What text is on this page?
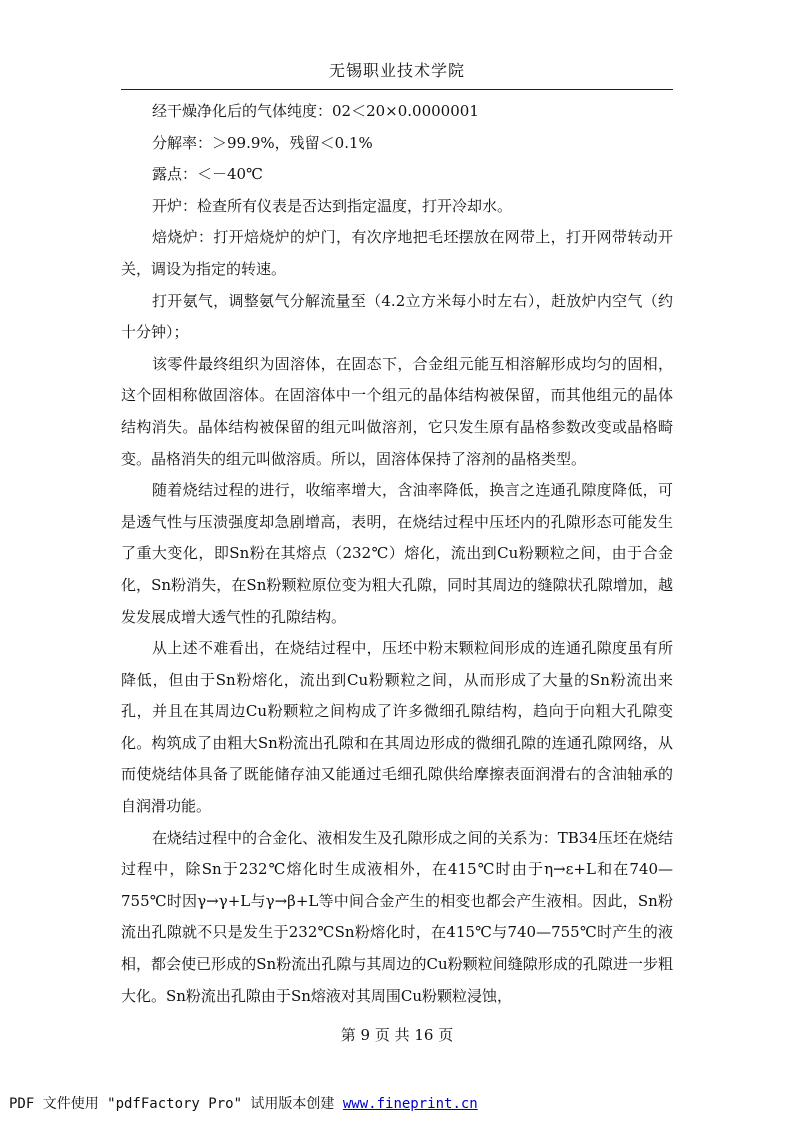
无锡职业技术学院

经干燥净化后的气体纯度：02＜20×0.0000001

分解率：＞99.9%，残留＜0.1%

露点：＜－40℃

开炉：检查所有仪表是否达到指定温度，打开冷却水。

焙烧炉：打开焙烧炉的炉门，有次序地把毛坯摆放在网带上，打开网带转动开关，调设为指定的转速。

打开氨气，调整氨气分解流量至（4.2立方米每小时左右），赶放炉内空气（约十分钟）；

该零件最终组织为固溶体，在固态下，合金组元能互相溶解形成均匀的固相，这个固相称做固溶体。在固溶体中一个组元的晶体结构被保留，而其他组元的晶体结构消失。晶体结构被保留的组元叫做溶剂，它只发生原有晶格参数改变或晶格畸变。晶格消失的组元叫做溶质。所以，固溶体保持了溶剂的晶格类型。

随着烧结过程的进行，收缩率增大，含油率降低，换言之连通孔隙度降低，可是透气性与压溃强度却急剧增高，表明，在烧结过程中压坯内的孔隙形态可能发生了重大变化，即Sn粉在其熔点（232℃）熔化，流出到Cu粉颗粒之间，由于合金化，Sn粉消失，在Sn粉颗粒原位变为粗大孔隙，同时其周边的缝隙状孔隙增加，越发发展成增大透气性的孔隙结构。

从上述不难看出，在烧结过程中，压坯中粉末颗粒间形成的连通孔隙度虽有所降低，但由于Sn粉熔化，流出到Cu粉颗粒之间，从而形成了大量的Sn粉流出来孔，并且在其周边Cu粉颗粒之间构成了许多微细孔隙结构，趋向于向粗大孔隙变化。构筑成了由粗大Sn粉流出孔隙和在其周边形成的微细孔隙的连通孔隙网络，从而使烧结体具备了既能储存油又能通过毛细孔隙供给摩擦表面润滑右的含油轴承的自润滑功能。

在烧结过程中的合金化、液相发生及孔隙形成之间的关系为：TB34压坯在烧结过程中，除Sn于232℃熔化时生成液相外，在415℃时由于η→ε+L和在740—755℃时因γ→γ+L与γ→β+L等中间合金产生的相变也都会产生液相。因此，Sn粉流出孔隙就不只是发生于232℃Sn粉熔化时，在415℃与740—755℃时产生的液相，都会使已形成的Sn粉流出孔隙与其周边的Cu粉颗粒间缝隙形成的孔隙进一步粗大化。Sn粉流出孔隙由于Sn熔液对其周围Cu粉颗粒浸蚀，

第 9 页 共 16 页
PDF 文件使用 "pdfFactory Pro" 试用版本创建 www.fineprint.cn
